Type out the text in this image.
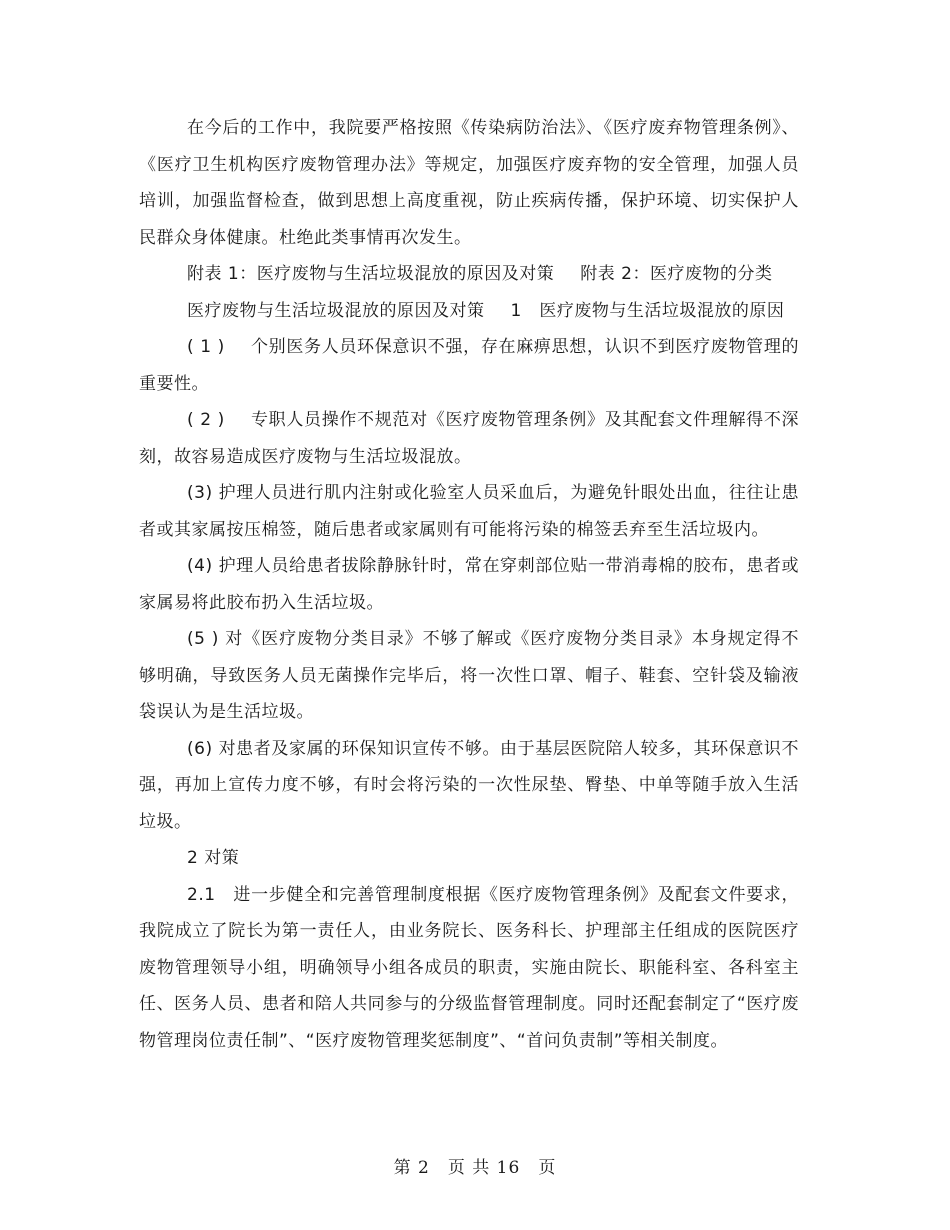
在今后的工作中，我院要严格按照《传染病防治法》、《医疗废弃物管理条例》、《医疗卫生机构医疗废物管理办法》等规定，加强医疗废弃物的安全管理，加强人员培训，加强监督检查，做到思想上高度重视，防止疾病传播，保护环境、切实保护人民群众身体健康。杜绝此类事情再次发生。

附表 1：医疗废物与生活垃圾混放的原因及对策 附表 2：医疗废物的分类

医疗废物与生活垃圾混放的原因及对策 1　医疗废物与生活垃圾混放的原因

( 1 ) 个别医务人员环保意识不强，存在麻痹思想，认识不到医疗废物管理的重要性。

( 2 ) 专职人员操作不规范对《医疗废物管理条例》及其配套文件理解得不深刻，故容易造成医疗废物与生活垃圾混放。

(3) 护理人员进行肌内注射或化验室人员采血后，为避免针眼处出血，往往让患者或其家属按压棉签，随后患者或家属则有可能将污染的棉签丢弃至生活垃圾内。

(4) 护理人员给患者拔除静脉针时，常在穿刺部位贴一带消毒棉的胶布，患者或家属易将此胶布扔入生活垃圾。

(5 ) 对《医疗废物分类目录》不够了解或《医疗废物分类目录》本身规定得不够明确，导致医务人员无菌操作完毕后，将一次性口罩、帽子、鞋套、空针袋及输液袋误认为是生活垃圾。

(6) 对患者及家属的环保知识宣传不够。由于基层医院陪人较多，其环保意识不强，再加上宣传力度不够，有时会将污染的一次性尿垫、臀垫、中单等随手放入生活垃圾。

2 对策

2.1　进一步健全和完善管理制度根据《医疗废物管理条例》及配套文件要求，我院成立了院长为第一责任人，由业务院长、医务科长、护理部主任组成的医院医疗废物管理领导小组，明确领导小组各成员的职责，实施由院长、职能科室、各科室主任、医务人员、患者和陪人共同参与的分级监督管理制度。同时还配套制定了“医疗废物管理岗位责任制”、“医疗废物管理奖惩制度”、“首问负责制”等相关制度。

第 2　页 共 16　页
